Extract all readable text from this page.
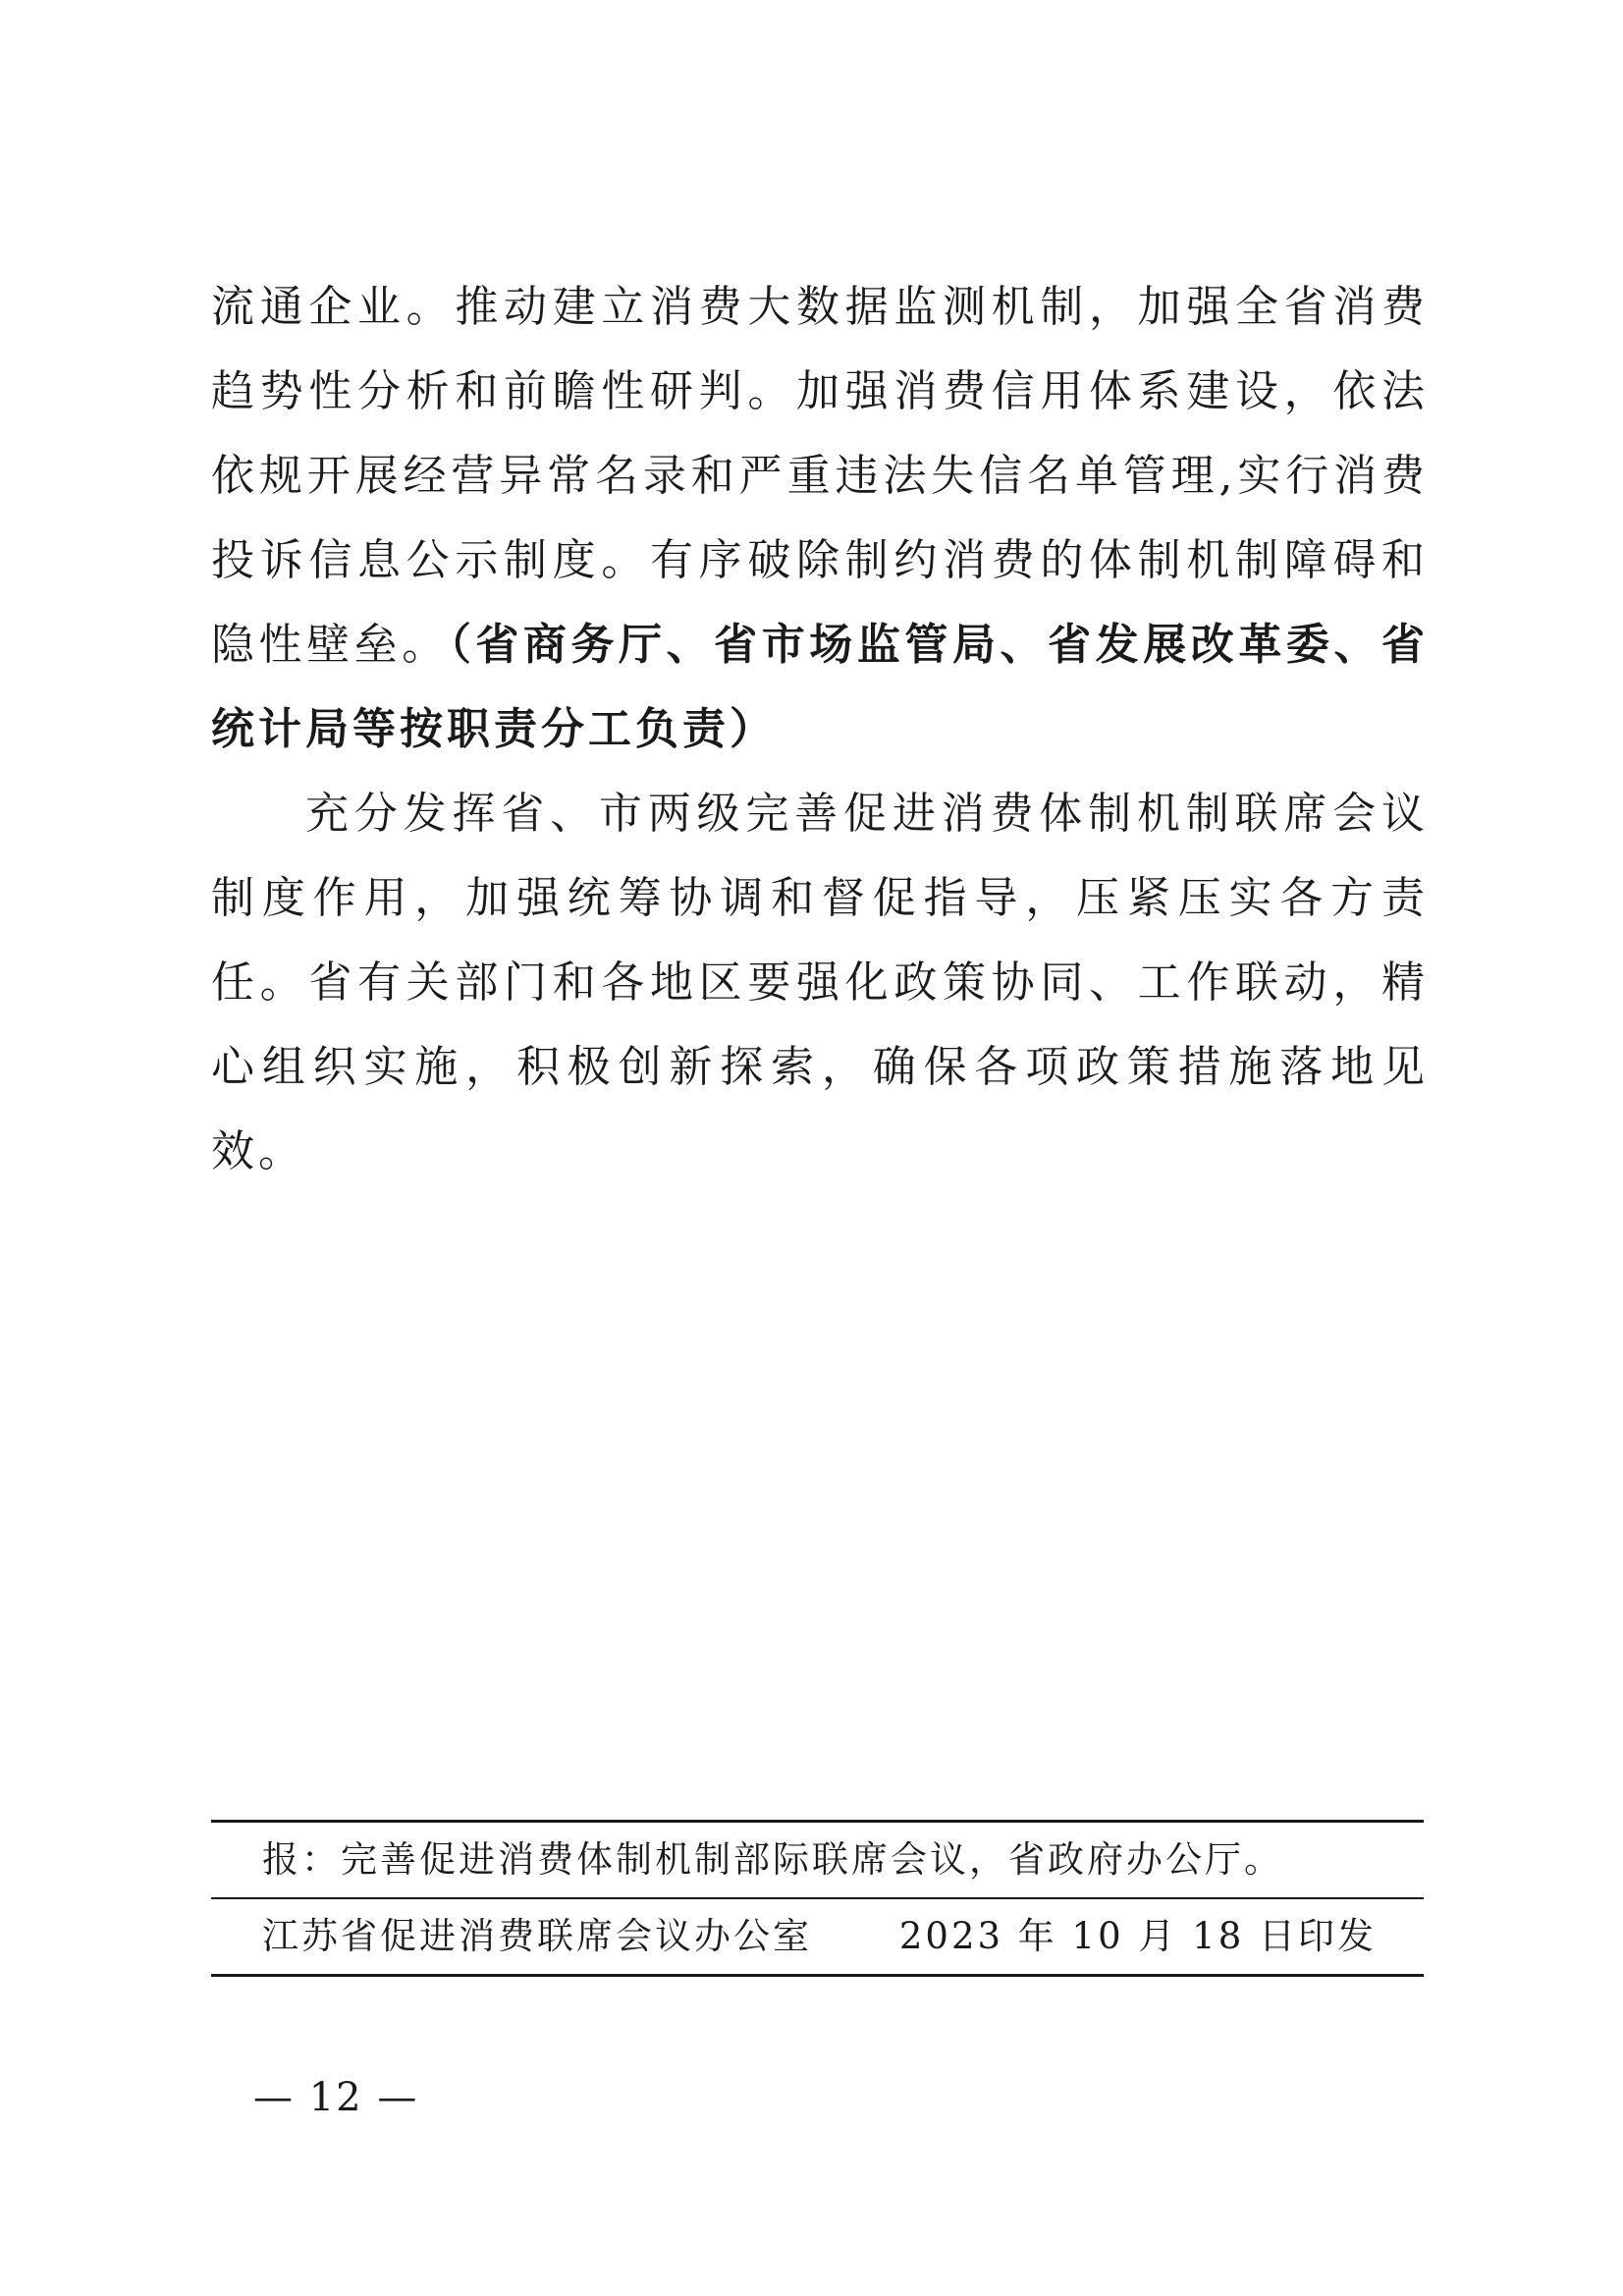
流通企业。推动建立消费大数据监测机制，加强全省消费趋势性分析和前瞻性研判。加强消费信用体系建设，依法依规开展经营异常名录和严重违法失信名单管理,实行消费投诉信息公示制度。有序破除制约消费的体制机制障碍和隐性壁垒。（省商务厅、省市场监管局、省发展改革委、省统计局等按职责分工负责）

充分发挥省、市两级完善促进消费体制机制联席会议制度作用，加强统筹协调和督促指导，压紧压实各方责任。省有关部门和各地区要强化政策协同、工作联动，精心组织实施，积极创新探索，确保各项政策措施落地见效。

报：完善促进消费体制机制部际联席会议，省政府办公厅。
江苏省促进消费联席会议办公室 2023 年 10 月 18 日印发
— 12 —
